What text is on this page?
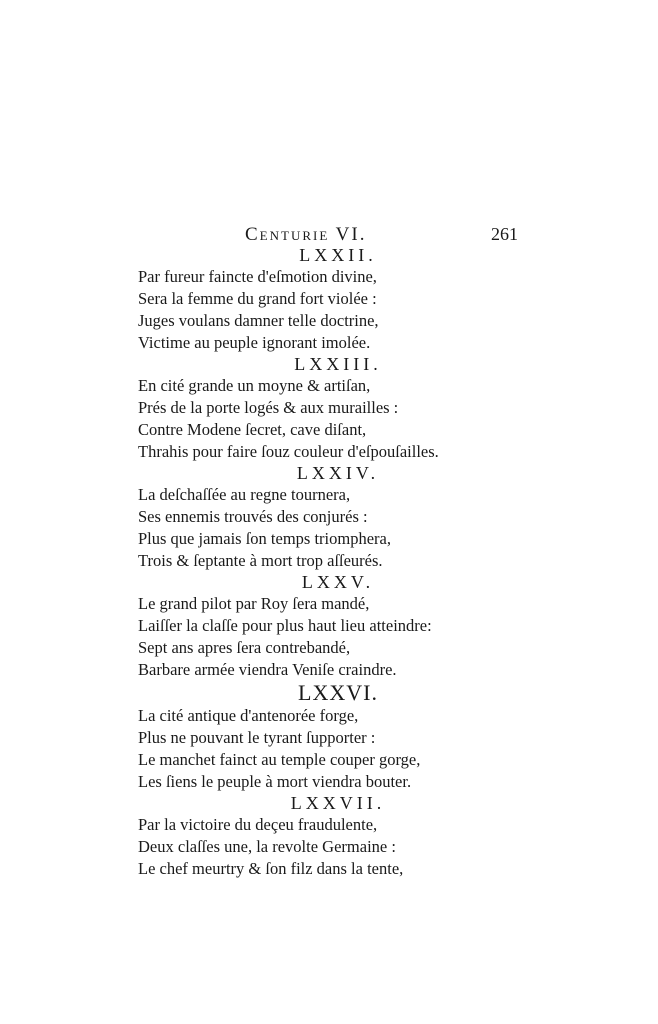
Centurie VI.	261
LXXII.
Par fureur faincte d'eſmotion divine,
Sera la femme du grand fort violée :
Juges voulans damner telle doctrine,
Victime au peuple ignorant imolée.
LXXIII.
En cité grande un moyne & artiſan,
Prés de la porte logés & aux murailles :
Contre Modene ſecret, cave diſant,
Thrahis pour faire ſouz couleur d'eſpouſailles.
LXXIV.
La deſchaſſée au regne tournera,
Ses ennemis trouvés des conjurés :
Plus que jamais ſon temps triomphera,
Trois & ſeptante à mort trop aſſeurés.
LXXV.
Le grand pilot par Roy ſera mandé,
Laiſſer la claſſe pour plus haut lieu atteindre:
Sept ans apres ſera contrebandé,
Barbare armée viendra Veniſe craindre.
LXXVI.
La cité antique d'antenorée forge,
Plus ne pouvant le tyrant ſupporter :
Le manchet fainct au temple couper gorge,
Les ſiens le peuple à mort viendra bouter.
LXXVII.
Par la victoire du deçeu fraudulente,
Deux claſſes une, la revolte Germaine :
Le chef meurtry & ſon filz dans la tente,
